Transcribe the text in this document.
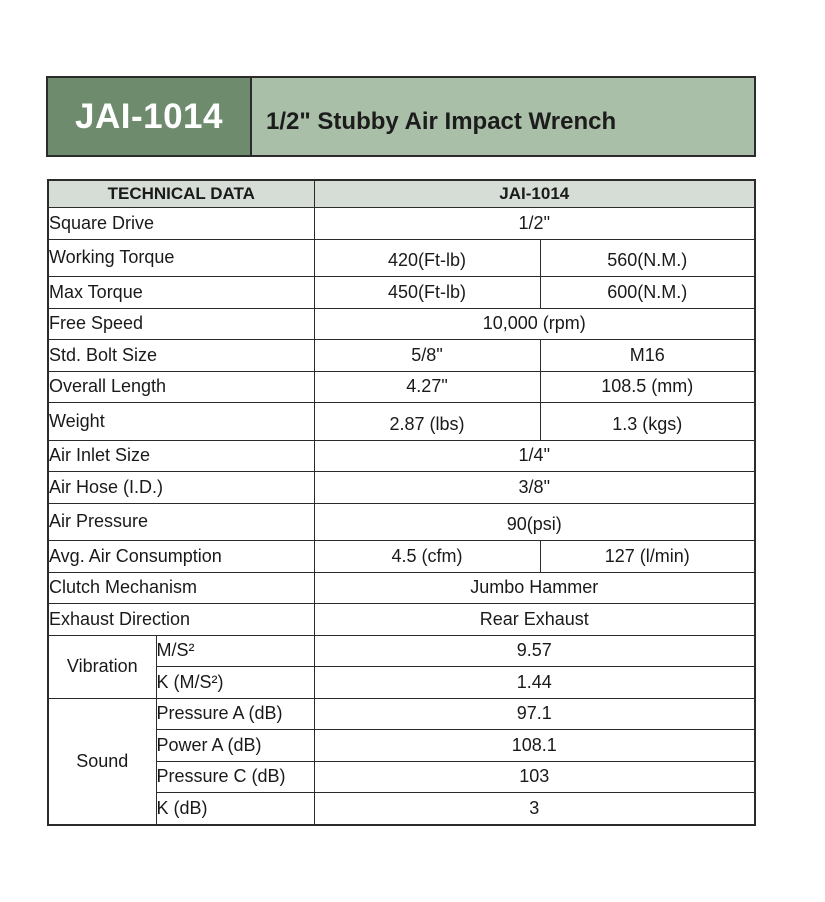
JAI-1014	1/2" Stubby Air Impact Wrench
TECHNICAL DATA		JAI-1014	
Square Drive		1/2"	
Working Torque		420(Ft-lb)	560(N.M.)
Max Torque		450(Ft-lb)	600(N.M.)
Free Speed		10,000 (rpm)	
Std. Bolt Size		5/8"	M16
Overall Length		4.27"	108.5 (mm)
Weight		2.87 (lbs)	1.3 (kgs)
Air Inlet Size		1/4"	
Air Hose (I.D.)		3/8"	
Air Pressure		90(psi)	
Avg. Air Consumption		4.5 (cfm)	127 (l/min)
Clutch Mechanism		Jumbo Hammer	
Exhaust Direction		Rear Exhaust	
Vibration	M/S²	9.57	
	K (M/S²)	1.44	
Sound	Pressure A (dB)	97.1	
	Power A (dB)	108.1	
	Pressure C (dB)	103	
	K (dB)	3	
